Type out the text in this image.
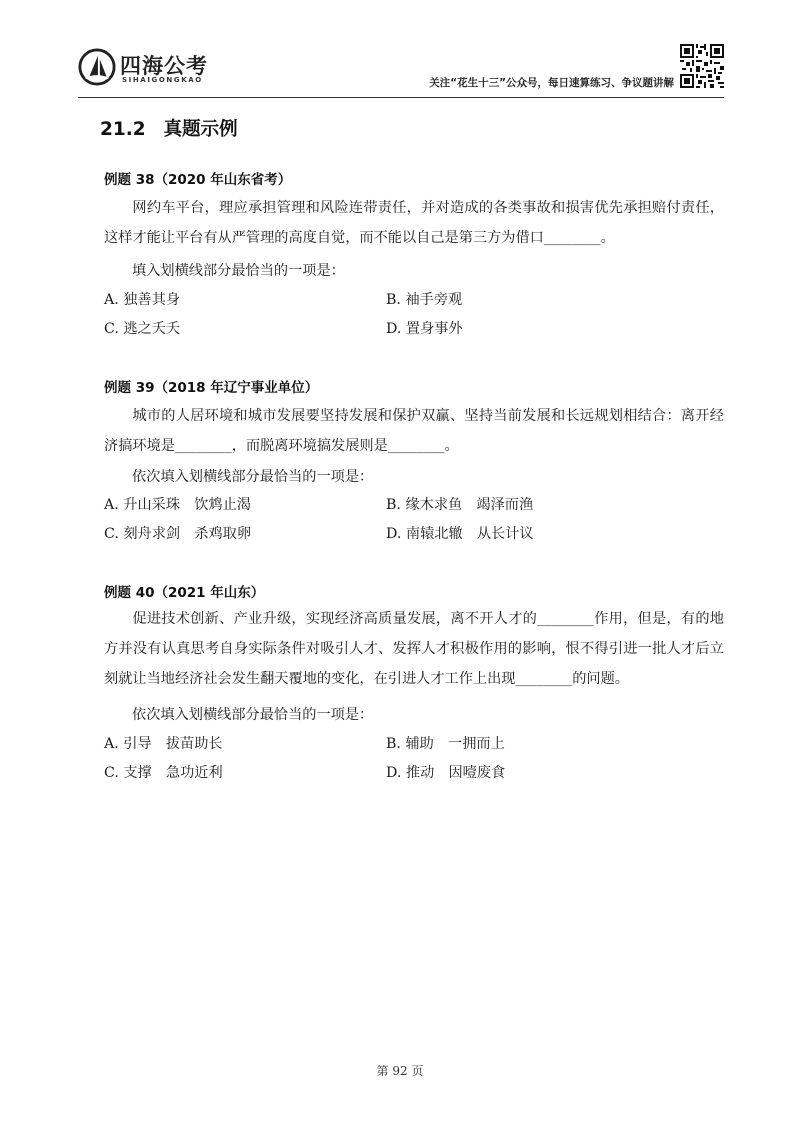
四海公考
SIHAIGONGKAO	关注“花生十三”公众号，每日速算练习、争议题讲解
21.2 真题示例
例题 38（2020 年山东省考）

网约车平台，理应承担管理和风险连带责任，并对造成的各类事故和损害优先承担赔付责任，这样才能让平台有从严管理的高度自觉，而不能以自己是第三方为借口________。

填入划横线部分最恰当的一项是：
A. 独善其身	B. 袖手旁观
C. 逃之夭夭	D. 置身事外
例题 39（2018 年辽宁事业单位）

城市的人居环境和城市发展要坚持发展和保护双赢、坚持当前发展和长远规划相结合：离开经济搞环境是________，而脱离环境搞发展则是________。

依次填入划横线部分最恰当的一项是：
A. 升山采珠　饮鸩止渴	B. 缘木求鱼　竭泽而渔
C. 刻舟求剑　杀鸡取卵	D. 南辕北辙　从长计议
例题 40（2021 年山东）

促进技术创新、产业升级，实现经济高质量发展，离不开人才的________作用，但是，有的地方并没有认真思考自身实际条件对吸引人才、发挥人才积极作用的影响，恨不得引进一批人才后立刻就让当地经济社会发生翻天覆地的变化，在引进人才工作上出现________的问题。

依次填入划横线部分最恰当的一项是：
A. 引导　拔苗助长	B. 辅助　一拥而上
C. 支撑　急功近利	D. 推动　因噎废食
第 92 页
